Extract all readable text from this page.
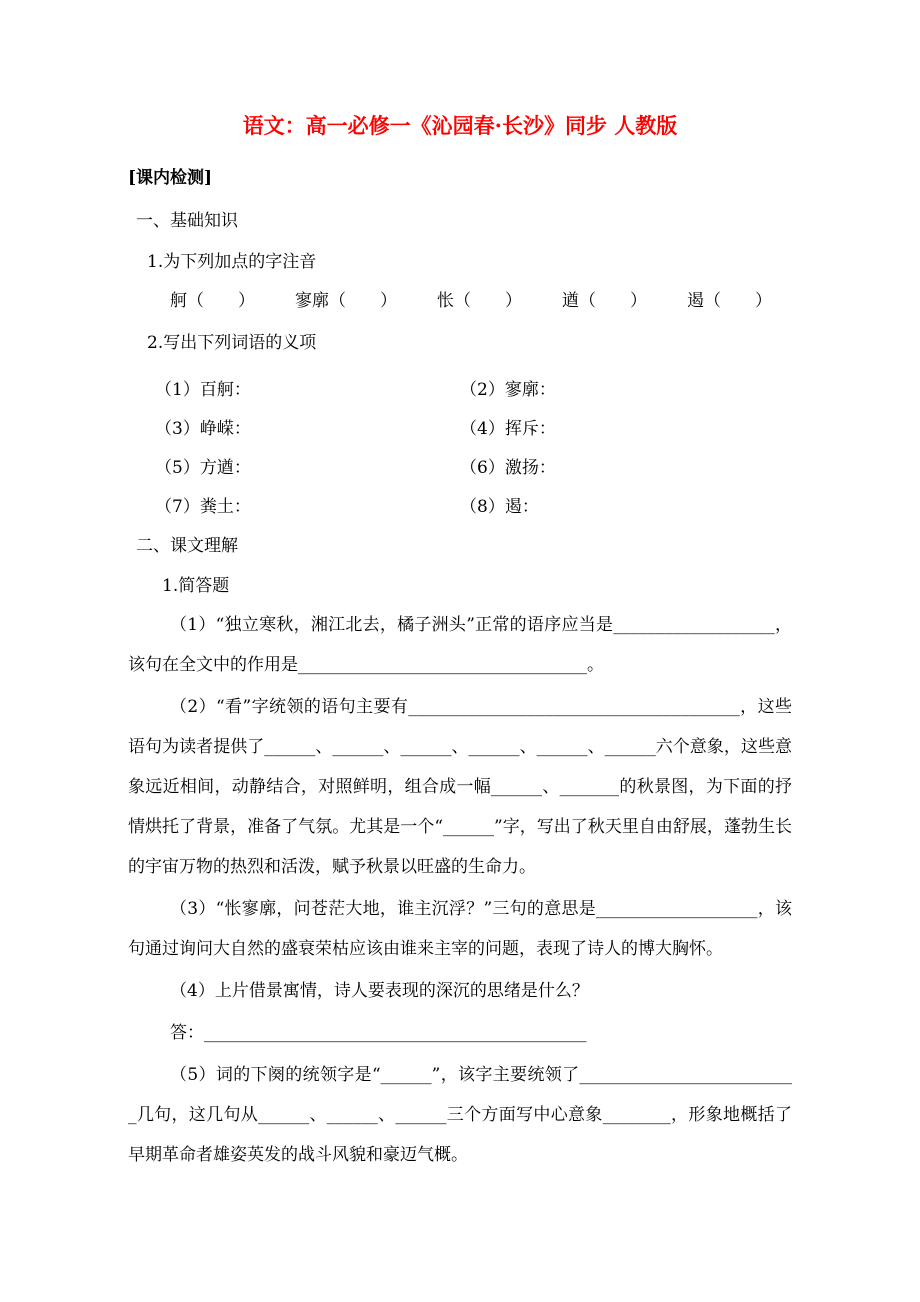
语文：高一必修一《沁园春·长沙》同步 人教版
[课内检测]
一、基础知识
1.为下列加点的字注音
舸（　　） 寥廓（　　） 怅（　　） 遒（　　） 遏（　　）
2.写出下列词语的义项
（1）百舸：	（2）寥廓：
（3）峥嵘：	（4）挥斥：
（5）方遒：	（6）激扬：
（7）粪土：	（8）遏：
二、课文理解
1.简答题

（1）“独立寒秋，湘江北去，橘子洲头”正常的语序应当是___________________，该句在全文中的作用是__________________________________。

（2）“看”字统领的语句主要有_______________________________________，这些语句为读者提供了______、______、______、______、______、______六个意象，这些意象远近相间，动静结合，对照鲜明，组合成一幅______、_______的秋景图，为下面的抒情烘托了背景，准备了气氛。尤其是一个“______”字，写出了秋天里自由舒展，蓬勃生长的宇宙万物的热烈和活泼，赋予秋景以旺盛的生命力。

（3）“怅寥廓，问苍茫大地，谁主沉浮？”三句的意思是___________________，该句通过询问大自然的盛衰荣枯应该由谁来主宰的问题，表现了诗人的博大胸怀。

（4）上片借景寓情，诗人要表现的深沉的思绪是什么？

答：_____________________________________________

（5）词的下阕的统领字是“______”，该字主要统领了__________________________几句，这几句从______、______、______三个方面写中心意象________，形象地概括了早期革命者雄姿英发的战斗风貌和豪迈气概。
